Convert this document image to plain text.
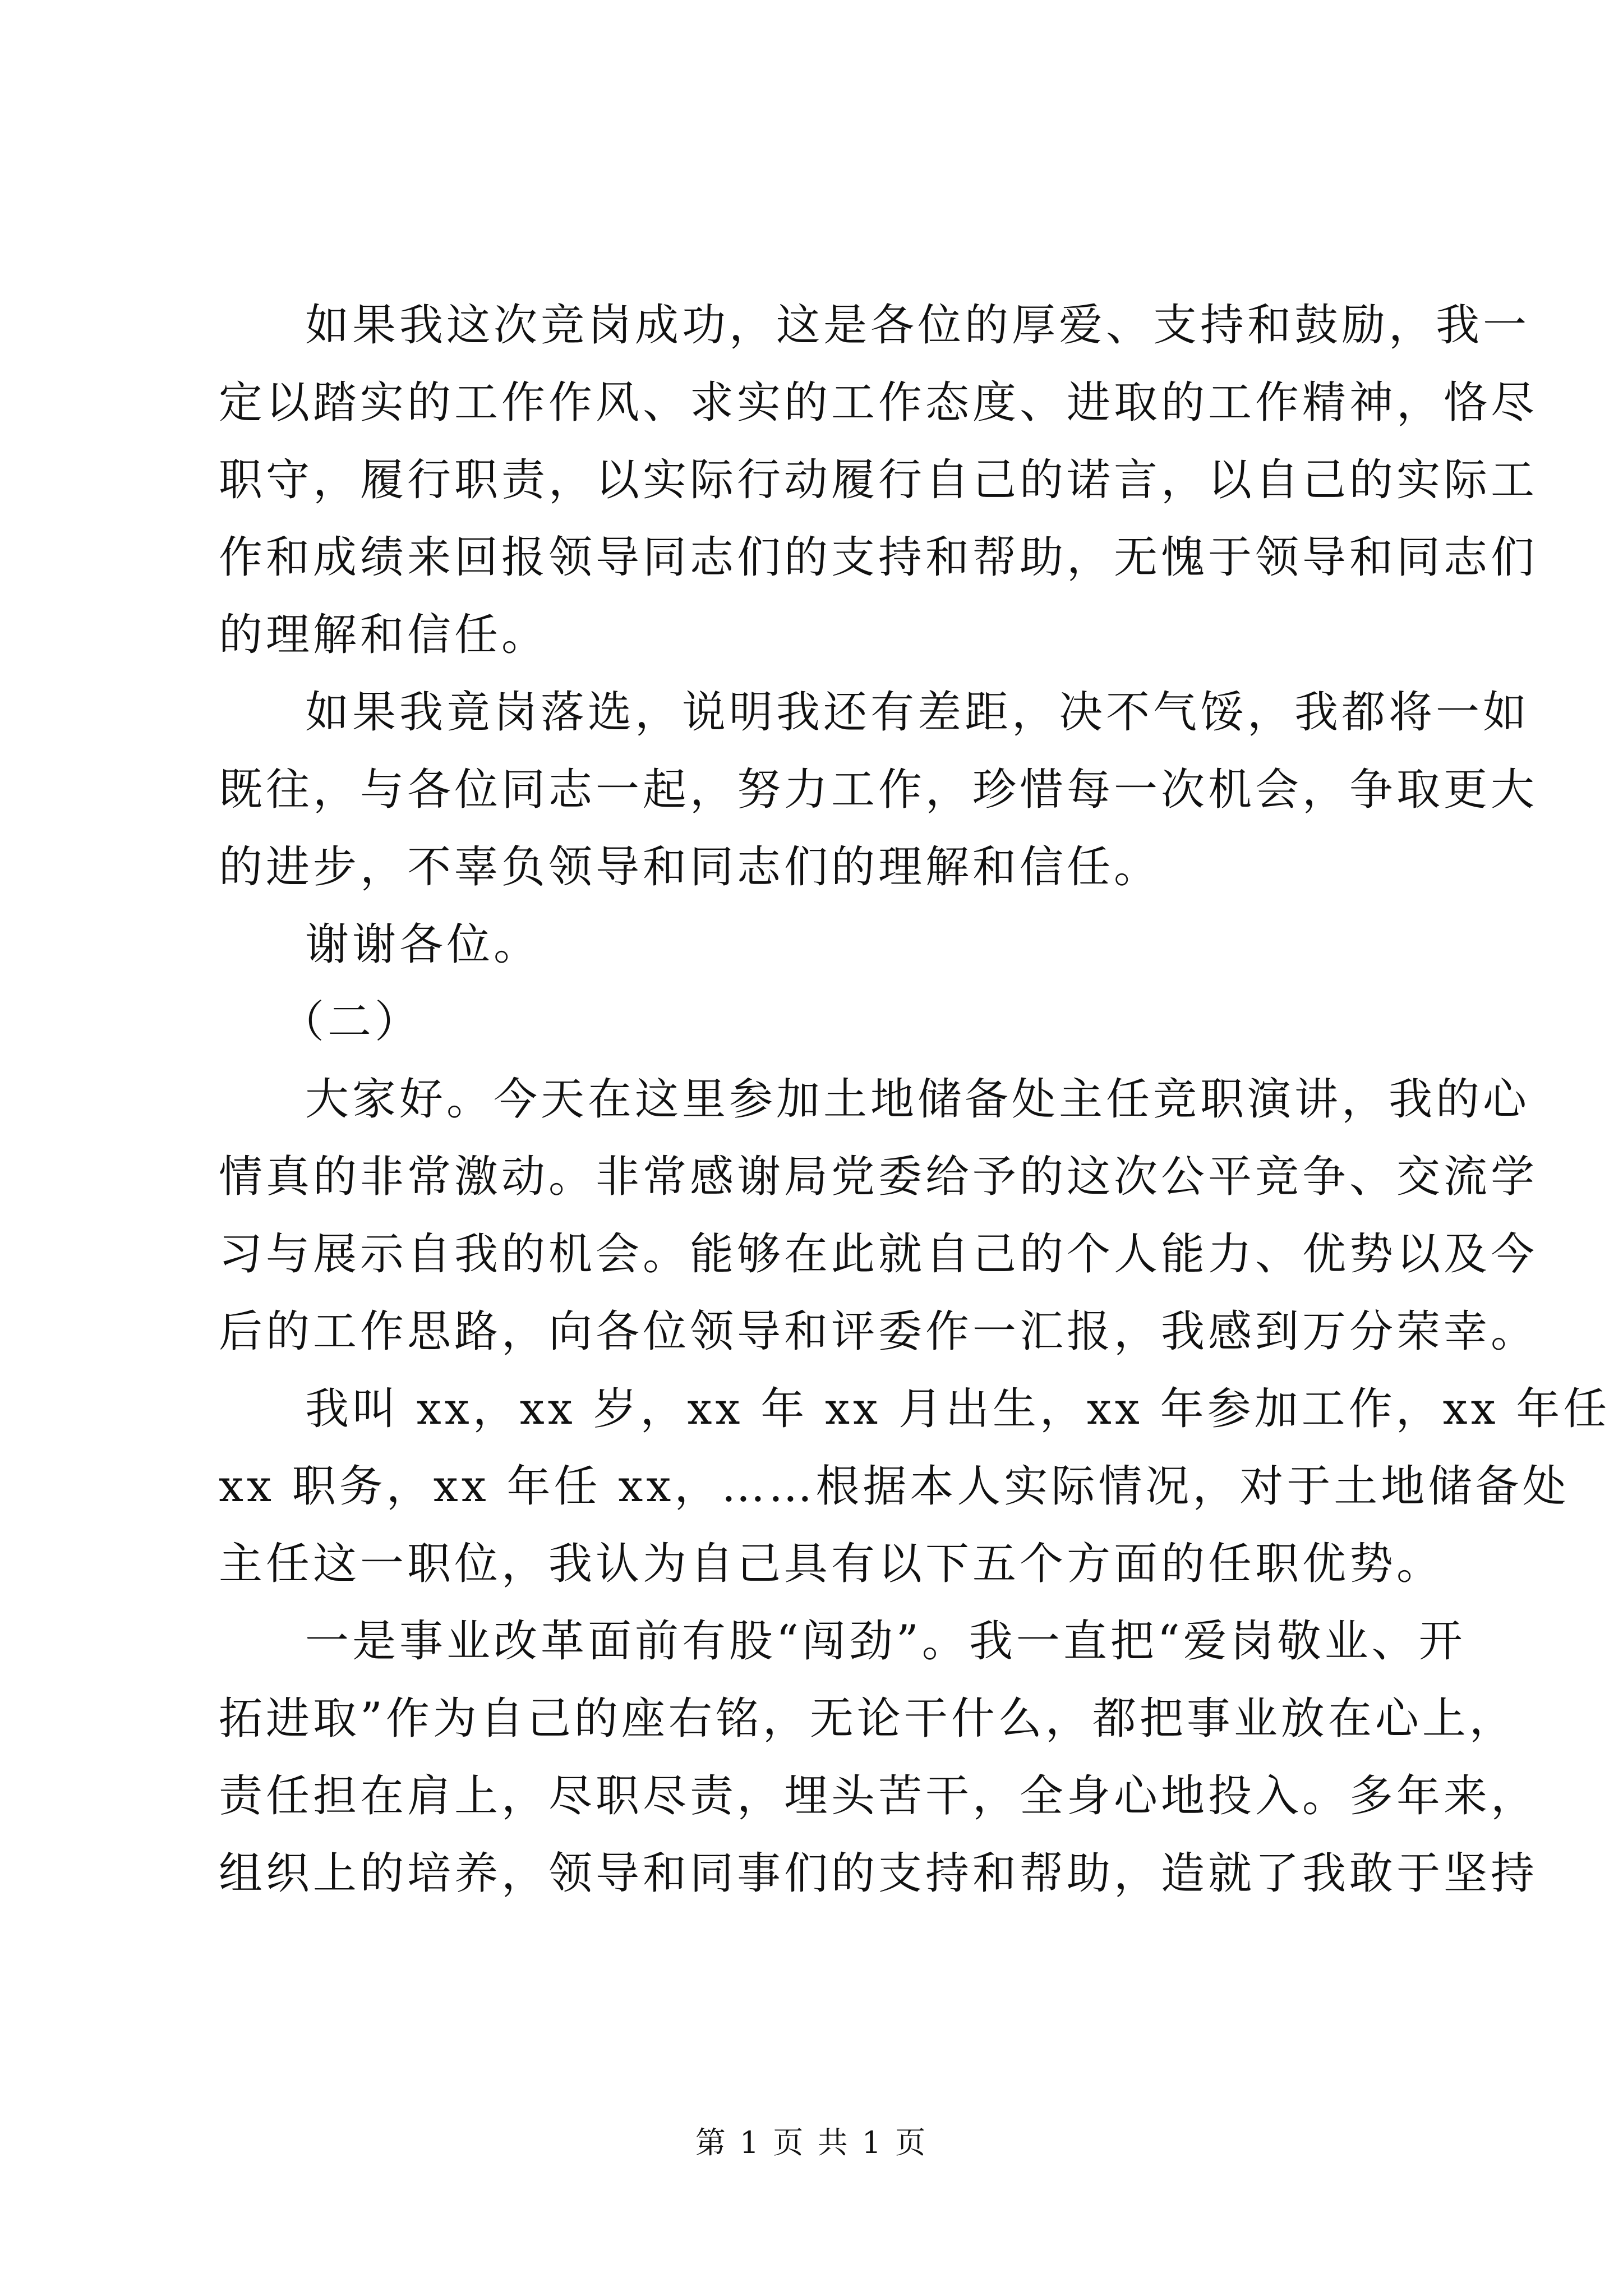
如果我这次竞岗成功，这是各位的厚爱、支持和鼓励，我一
定以踏实的工作作风、求实的工作态度、进取的工作精神，恪尽
职守，履行职责，以实际行动履行自己的诺言，以自己的实际工
作和成绩来回报领导同志们的支持和帮助，无愧于领导和同志们
的理解和信任。
如果我竟岗落选，说明我还有差距，决不气馁，我都将一如
既往，与各位同志一起，努力工作，珍惜每一次机会，争取更大
的进步，不辜负领导和同志们的理解和信任。
谢谢各位。
（二）
大家好。今天在这里参加土地储备处主任竞职演讲，我的心
情真的非常激动。非常感谢局党委给予的这次公平竞争、交流学
习与展示自我的机会。能够在此就自己的个人能力、优势以及今
后的工作思路，向各位领导和评委作一汇报，我感到万分荣幸。
我叫 xx，xx 岁，xx 年 xx 月出生，xx 年参加工作，xx 年任
xx 职务，xx 年任 xx，……根据本人实际情况，对于土地储备处
主任这一职位，我认为自己具有以下五个方面的任职优势。
一是事业改革面前有股“闯劲”。我一直把“爱岗敬业、开
拓进取”作为自己的座右铭，无论干什么，都把事业放在心上，
责任担在肩上，尽职尽责，埋头苦干，全身心地投入。多年来，
组织上的培养，领导和同事们的支持和帮助，造就了我敢于坚持
第 1 页 共 1 页
